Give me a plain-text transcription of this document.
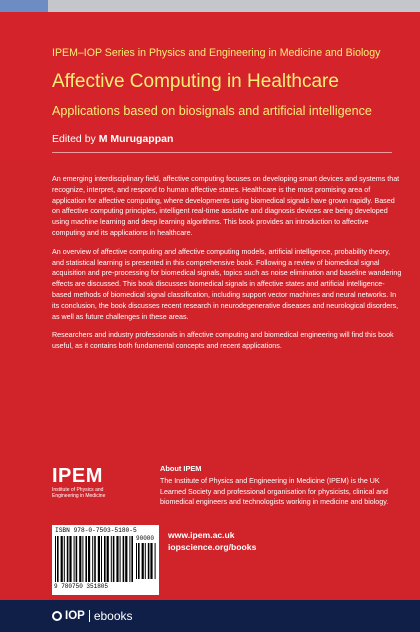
IPEM–IOP Series in Physics and Engineering in Medicine and Biology
Affective Computing in Healthcare
Applications based on biosignals and artificial intelligence
Edited by M Murugappan

An emerging interdisciplinary field, affective computing focuses on developing smart devices and systems that recognize, interpret, and respond to human affective states. Healthcare is the most promising area of application for affective computing, where developments using biomedical signals have grown rapidly. Based on affective computing principles, intelligent real-time assistive and diagnosis devices are being developed using machine learning and deep learning algorithms. This book provides an introduction to affective computing and its applications in healthcare.

An overview of affective computing and affective computing models, artificial intelligence, probability theory, and statistical learning is presented in this comprehensive book. Following a review of biomedical signal acquisition and pre-processing for biomedical signals, topics such as noise elimination and baseline wandering effects are discussed. This book discusses biomedical signals in affective states and artificial intelligence-based methods of biomedical signal classification, including support vector machines and neural networks. In its conclusion, the book discusses recent research in neurodegenerative diseases and neurological disorders, as well as future challenges in these areas.

Researchers and industry professionals in affective computing and biomedical engineering will find this book useful, as it contains both fundamental concepts and recent applications.

IPEM
Institute of Physics and Engineering in Medicine
About IPEM
The Institute of Physics and Engineering in Medicine (IPEM) is the UK Learned Society and professional organisation for physicists, clinical and biomedical engineers and technologists working in medicine and biology.
ISBN 978-0-7503-5180-5
90000
9 780750 351805
www.ipem.ac.uk
iopscience.org/books
IOP ebooks
